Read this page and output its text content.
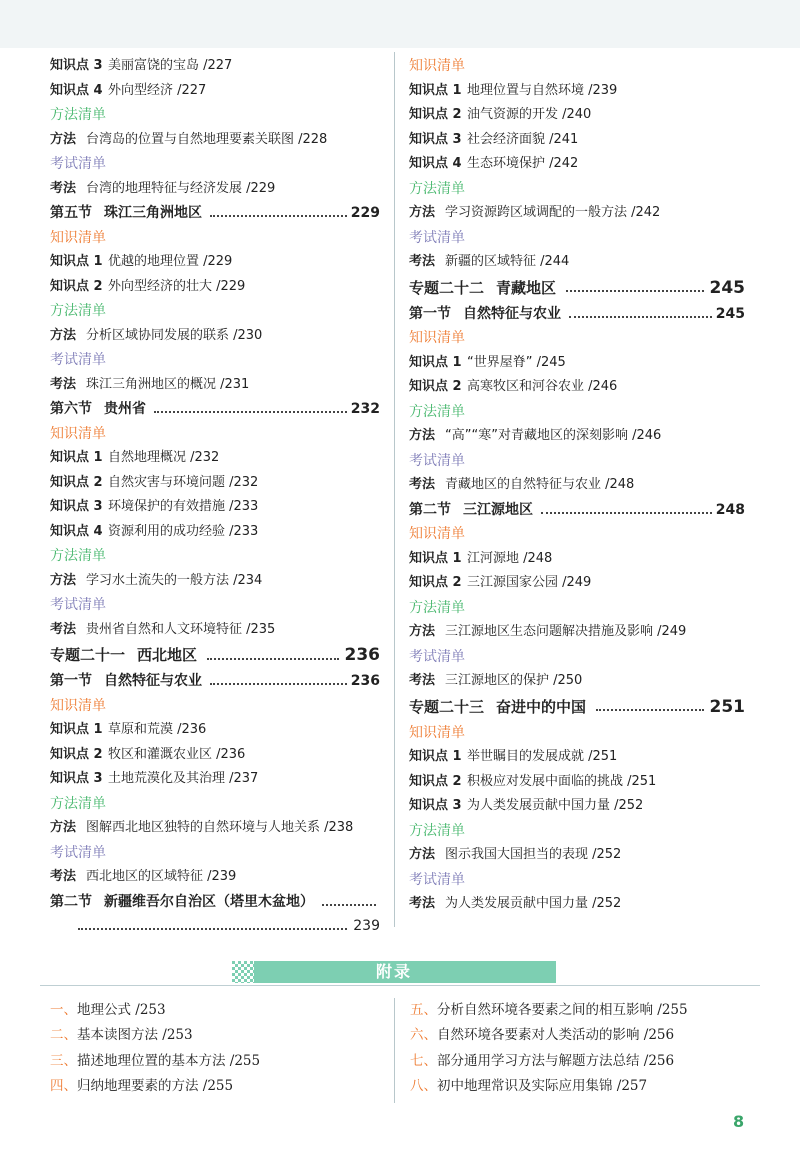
知识点 3 美丽富饶的宝岛 /227
知识点 4 外向型经济 /227
方法清单
方法 台湾岛的位置与自然地理要素关联图 /228
考试清单
考法 台湾的地理特征与经济发展 /229
第五节 珠江三角洲地区	229
知识清单
知识点 1 优越的地理位置 /229
知识点 2 外向型经济的壮大 /229
方法清单
方法 分析区域协同发展的联系 /230
考试清单
考法 珠江三角洲地区的概况 /231
第六节 贵州省	232
知识清单
知识点 1 自然地理概况 /232
知识点 2 自然灾害与环境问题 /232
知识点 3 环境保护的有效措施 /233
知识点 4 资源利用的成功经验 /233
方法清单
方法 学习水土流失的一般方法 /234
考试清单
考法 贵州省自然和人文环境特征 /235
专题二十一 西北地区	236
第一节 自然特征与农业	236
知识清单
知识点 1 草原和荒漠 /236
知识点 2 牧区和灌溉农业区 /236
知识点 3 土地荒漠化及其治理 /237
方法清单
方法 图解西北地区独特的自然环境与人地关系 /238
考试清单
考法 西北地区的区域特征 /239
第二节 新疆维吾尔自治区（塔里木盆地）
239
知识清单
知识点 1 地理位置与自然环境 /239
知识点 2 油气资源的开发 /240
知识点 3 社会经济面貌 /241
知识点 4 生态环境保护 /242
方法清单
方法 学习资源跨区域调配的一般方法 /242
考试清单
考法 新疆的区域特征 /244
专题二十二 青藏地区	245
第一节 自然特征与农业	245
知识清单
知识点 1 “世界屋脊” /245
知识点 2 高寒牧区和河谷农业 /246
方法清单
方法 “高”“寒”对青藏地区的深刻影响 /246
考试清单
考法 青藏地区的自然特征与农业 /248
第二节 三江源地区	248
知识清单
知识点 1 江河源地 /248
知识点 2 三江源国家公园 /249
方法清单
方法 三江源地区生态问题解决措施及影响 /249
考试清单
考法 三江源地区的保护 /250
专题二十三 奋进中的中国	251
知识清单
知识点 1 举世瞩目的发展成就 /251
知识点 2 积极应对发展中面临的挑战 /251
知识点 3 为人类发展贡献中国力量 /252
方法清单
方法 图示我国大国担当的表现 /252
考试清单
考法 为人类发展贡献中国力量 /252
附录
一、地理公式 /253
二、基本读图方法 /253
三、描述地理位置的基本方法 /255
四、归纳地理要素的方法 /255
五、分析自然环境各要素之间的相互影响 /255
六、自然环境各要素对人类活动的影响 /256
七、部分通用学习方法与解题方法总结 /256
八、初中地理常识及实际应用集锦 /257
8
